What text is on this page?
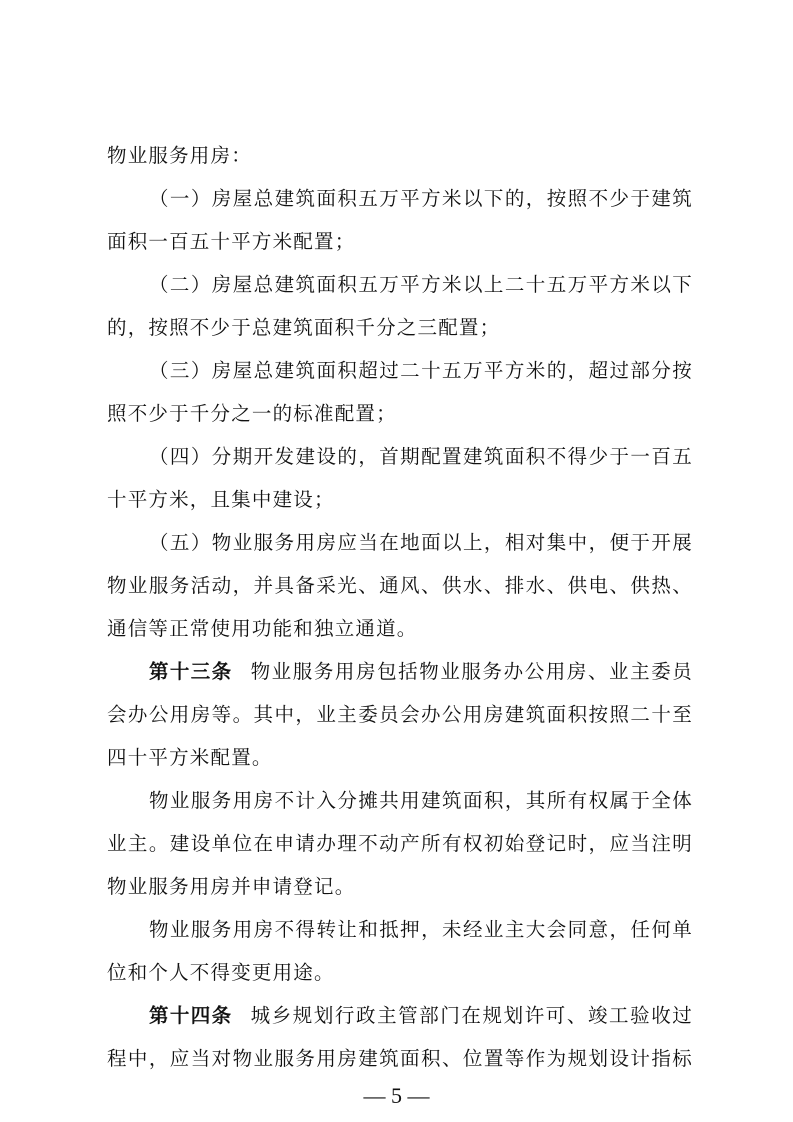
物业服务用房：

（一）房屋总建筑面积五万平方米以下的，按照不少于建筑

面积一百五十平方米配置；

（二）房屋总建筑面积五万平方米以上二十五万平方米以下

的，按照不少于总建筑面积千分之三配置；

（三）房屋总建筑面积超过二十五万平方米的，超过部分按

照不少于千分之一的标准配置；

（四）分期开发建设的，首期配置建筑面积不得少于一百五

十平方米，且集中建设；

（五）物业服务用房应当在地面以上，相对集中，便于开展

物业服务活动，并具备采光、通风、供水、排水、供电、供热、

通信等正常使用功能和独立通道。

第十三条 物业服务用房包括物业服务办公用房、业主委员

会办公用房等。其中，业主委员会办公用房建筑面积按照二十至

四十平方米配置。

物业服务用房不计入分摊共用建筑面积，其所有权属于全体

业主。建设单位在申请办理不动产所有权初始登记时，应当注明

物业服务用房并申请登记。

物业服务用房不得转让和抵押，未经业主大会同意，任何单

位和个人不得变更用途。

第十四条 城乡规划行政主管部门在规划许可、竣工验收过

程中，应当对物业服务用房建筑面积、位置等作为规划设计指标

— 5 —
